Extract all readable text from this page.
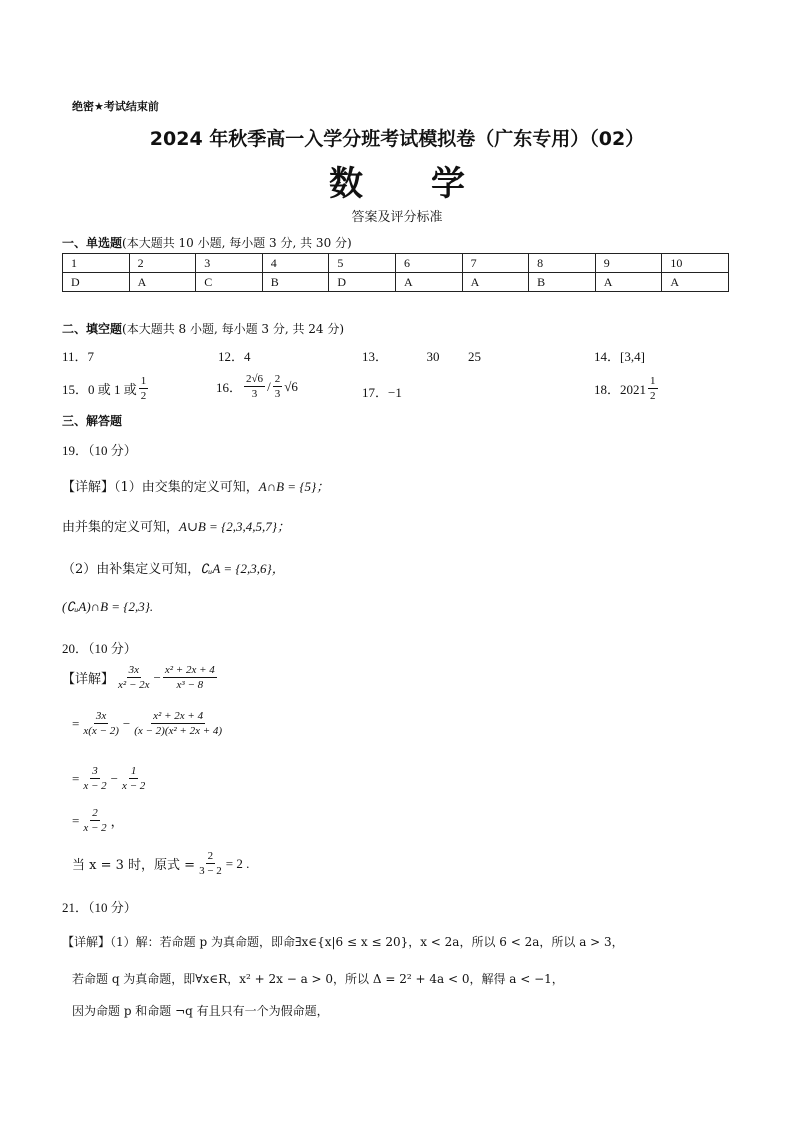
绝密★考试结束前
2024 年秋季高一入学分班考试模拟卷（广东专用）（02）
数　　学
答案及评分标准
一、单选题(本大题共 10 小题, 每小题 3 分, 共 30 分)
1	2	3	4	5	6	7	8	9	10
D	A	C	B	D	A	A	B	A	A
二、填空题(本大题共 8 小题, 每小题 3 分, 共 24 分)
11．7	12．4	13．	30 25	14．[3,4]
15．0 或 1 或 $\frac{1}{2}$	16． $\frac{2√6}{3} / \frac{2}{3} √6$	17．−1	18．$2021 \frac{1}{2}$
三、解答题
19．（10 分）
【详解】（1）由交集的定义可知，A∩B = {5}；
由并集的定义可知，A∪B = {2,3,4,5,7}；
（2）由补集定义可知，∁ᵤA = {2,3,6}，
(∁ᵤA)∩B = {2,3}.
20．（10 分）
【详解】 $\frac{3x}{\text{x² − 2x}} - \frac{\text{x² + 2x + 4}}{\text{x³ − 8}}$
= $\frac{3x}{x(x - 2)} - \frac{\text{x² + 2x + 4}}{\text{(x − 2)(x² + 2x + 4)}}$
= $\frac{3}{x - 2} - \frac{1}{x - 2}$
= $\frac{2}{x - 2}$ ，
当 x = 3 时，原式 = $\frac{2}{3 - 2} = 2$ .
21．（10 分）
【详解】（1）解：若命题 p 为真命题，即命∃x∈{x|6 ≤ x ≤ 20}，x < 2a，所以 6 < 2a，所以 a > 3，
若命题 q 为真命题，即∀x∈R，x² + 2x − a > 0，所以 Δ = 2² + 4a < 0，解得 a < −1，
因为命题 p 和命题 ¬q 有且只有一个为假命题，
